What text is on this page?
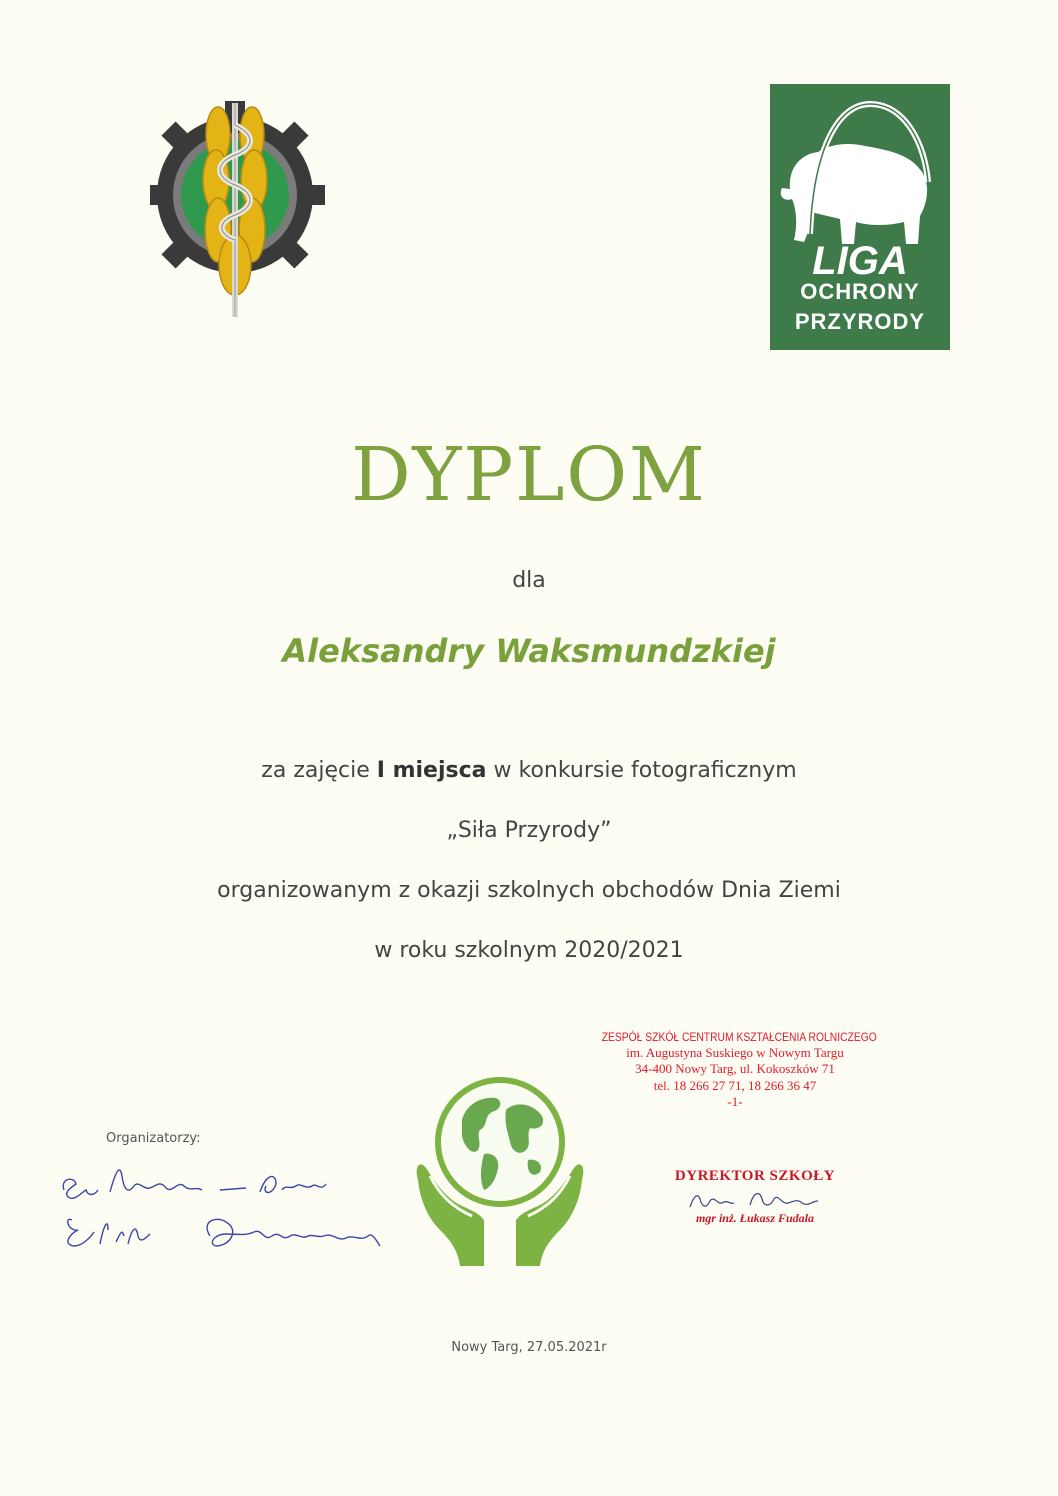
LIGA
OCHRONY
PRZYRODY
DYPLOM
dla
Aleksandry Waksmundzkiej
za zajęcie I miejsca w konkursie fotograficznym
„Siła Przyrody”
organizowanym z okazji szkolnych obchodów Dnia Ziemi
w roku szkolnym 2020/2021
ZESPÓŁ SZKÓŁ CENTRUM KSZTAŁCENIA ROLNICZEGO
im. Augustyna Suskiego w Nowym Targu
34-400 Nowy Targ, ul. Kokoszków 71
tel. 18 266 27 71, 18 266 36 47
-1-
DYREKTOR SZKOŁY
mgr inż. Łukasz Fudala
Organizatorzy:
Nowy Targ, 27.05.2021r
